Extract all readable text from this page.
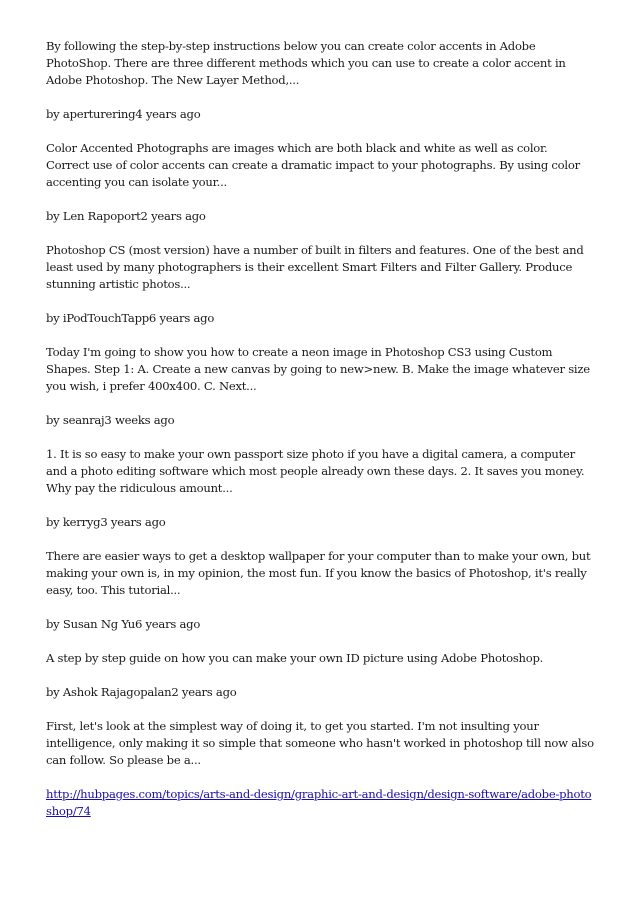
By following the step-by-step instructions below you can create color accents in Adobe PhotoShop. There are three different methods which you can use to create a color accent in Adobe Photoshop. The New Layer Method,...

by aperturering4 years ago

Color Accented Photographs are images which are both black and white as well as color. Correct use of color accents can create a dramatic impact to your photographs. By using color accenting you can isolate your...

by Len Rapoport2 years ago

Photoshop CS (most version) have a number of built in filters and features. One of the best and least used by many photographers is their excellent Smart Filters and Filter Gallery. Produce stunning artistic photos...

by iPodTouchTapp6 years ago

Today I'm going to show you how to create a neon image in Photoshop CS3 using Custom Shapes. Step 1: A. Create a new canvas by going to new>new. B. Make the image whatever size you wish, i prefer 400x400. C. Next...

by seanraj3 weeks ago

1. It is so easy to make your own passport size photo if you have a digital camera, a computer and a photo editing software which most people already own these days. 2. It saves you money. Why pay the ridiculous amount...

by kerryg3 years ago

There are easier ways to get a desktop wallpaper for your computer than to make your own, but making your own is, in my opinion, the most fun. If you know the basics of Photoshop, it's really easy, too. This tutorial...

by Susan Ng Yu6 years ago

A step by step guide on how you can make your own ID picture using Adobe Photoshop.

by Ashok Rajagopalan2 years ago

First, let's look at the simplest way of doing it, to get you started. I'm not insulting your intelligence, only making it so simple that someone who hasn't worked in photoshop till now also can follow. So please be a...

http://hubpages.com/topics/arts-and-design/graphic-art-and-design/design-software/adobe-photoshop/74
